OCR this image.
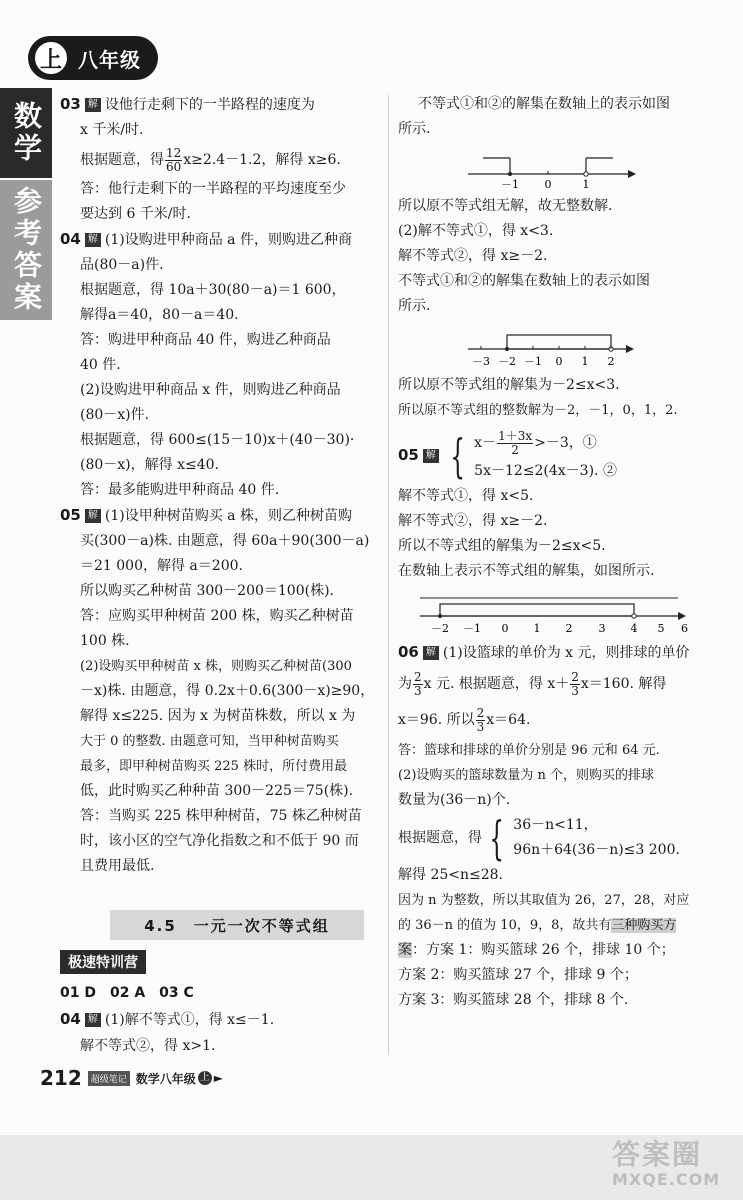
上 八年级
数学
参考答案
03 解 设他行走剩下的一半路程的速度为
x 千米/时.
根据题意，得 $\frac{12}{60} x\ge 2.4-1.2$，解得 x≥6.
答：他行走剩下的一半路程的平均速度至少
要达到 6 千米/时.
04 解 (1)设购进甲种商品 a 件，则购进乙种商
品(80－a)件.
根据题意，得 10a＋30(80－a)＝1 600，
解得a＝40，80－a＝40.
答：购进甲种商品 40 件，购进乙种商品
40 件.
(2)设购进甲种商品 x 件，则购进乙种商品
(80－x)件.
根据题意，得 600≤(15－10)x＋(40－30)·
(80－x)，解得 x≤40.
答：最多能购进甲种商品 40 件.
05 解 (1)设甲种树苗购买 a 株，则乙种树苗购
买(300－a)株. 由题意，得 60a＋90(300－a)
＝21 000，解得 a＝200.
所以购买乙种树苗 300－200＝100(株).
答：应购买甲种树苗 200 株，购买乙种树苗
100 株.
(2)设购买甲种树苗 x 株，则购买乙种树苗(300
－x)株. 由题意，得 0.2x＋0.6(300－x)≥90，
解得 x≤225. 因为 x 为树苗株数，所以 x 为
大于 0 的整数. 由题意可知，当甲种树苗购买
最多，即甲种树苗购买 225 株时，所付费用最
低，此时购买乙种种苗 300－225＝75(株).
答：当购买 225 株甲种树苗，75 株乙种树苗
时，该小区的空气净化指数之和不低于 90 而
且费用最低.
4.5　一元一次不等式组
极速特训营
01 D　02 A　03 C
04 解 (1)解不等式①，得 x≤－1.
解不等式②，得 x>1.
不等式①和②的解集在数轴上的表示如图
所示.
－1 0	1
所以原不等式组无解，故无整数解.
(2)解不等式①，得 x<3.
解不等式②，得 x≥－2.
不等式①和②的解集在数轴上的表示如图
所示.
－3 －2 －1 0 1 2
所以原不等式组的解集为－2≤x<3.
所以原不等式组的整数解为－2，－1，0，1，2.
05 解 { $x- \frac{1+3x}{2} >-3$，①
5x－12≤2(4x－3). ②
解不等式①，得 x<5.
解不等式②，得 x≥－2.
所以不等式组的解集为－2≤x<5.
在数轴上表示不等式组的解集，如图所示.
－2 －1 0 1 2 3 4 5 6
06 解 (1)设篮球的单价为 x 元，则排球的单价
为 $\frac{2}{3}$ x 元. 根据题意，得 $x+ \frac{2}{3} x=160$. 解得
x＝96. 所以 $\frac{2}{3} x=64$.
答：篮球和排球的单价分别是 96 元和 64 元.
(2)设购买的篮球数量为 n 个，则购买的排球
数量为(36－n)个.
根据题意，得 { 36－n<11，
96n＋64(36－n)≤3 200.
解得 25<n≤28.
因为 n 为整数，所以其取值为 26，27，28，对应
的 36－n 的值为 10，9，8，故共有三种购买方
案：方案 1：购买篮球 26 个，排球 10 个；
方案 2：购买篮球 27 个，排球 9 个；
方案 3：购买篮球 28 个，排球 8 个.
212	超级笔记 数学八年级 上 ►
答案圈
MXQE.COM
